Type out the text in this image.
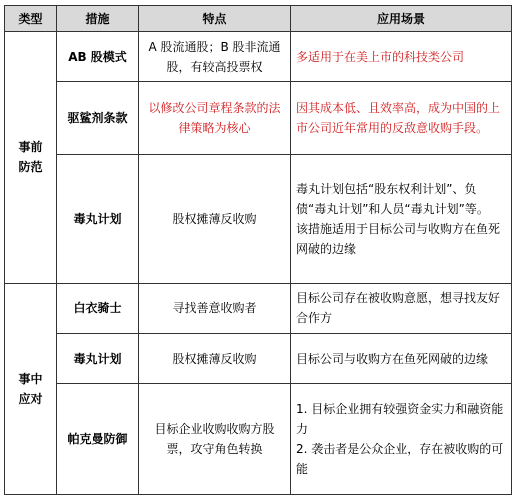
类型	措施	特点	应用场景
事前防范	AB 股模式	A 股流通股；B 股非流通股，有较高投票权	多适用于在美上市的科技类公司

	驱鲨剂条款	以修改公司章程条款的法律策略为核心	因其成本低、且效率高，成为中国的上市公司近年常用的反敌意收购手段。

	毒丸计划	股权摊薄反收购	毒丸计划包括“股东权利计划”、负债“毒丸计划”和人员“毒丸计划”等。
该措施适用于目标公司与收购方在鱼死网破的边缘

事中应对	白衣骑士	寻找善意收购者	目标公司存在被收购意愿，想寻找友好合作方

	毒丸计划	股权摊薄反收购	目标公司与收购方在鱼死网破的边缘

	帕克曼防御	目标企业收购收购方股票，攻守角色转换	1. 目标企业拥有较强资金实力和融资能力
2. 袭击者是公众企业，存在被收购的可能
